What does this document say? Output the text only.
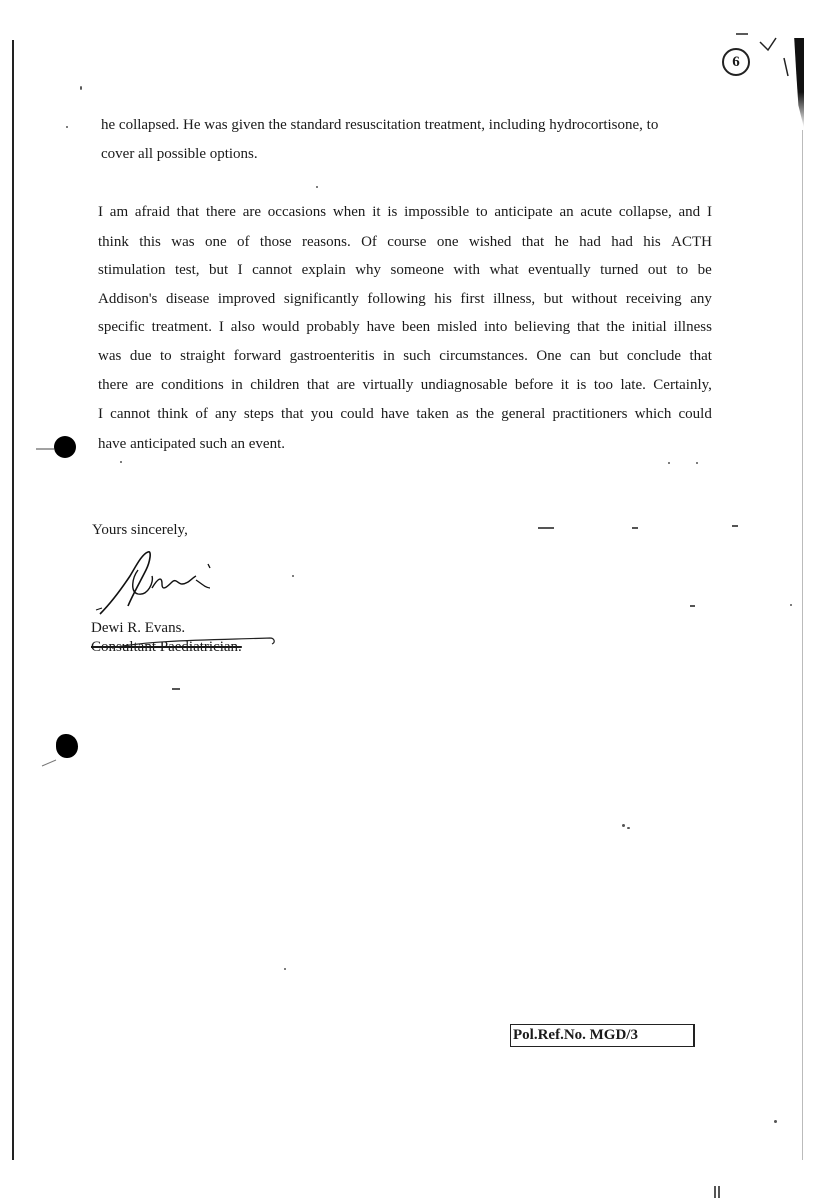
6
he collapsed. He was given the standard resuscitation treatment, including hydrocortisone, to
cover all possible options.
I am afraid that there are occasions when it is impossible to anticipate an acute collapse, and I
think this was one of those reasons. Of course one wished that he had had his ACTH
stimulation test, but I cannot explain why someone with what eventually turned out to be
Addison's disease improved significantly following his first illness, but without receiving any
specific treatment. I also would probably have been misled into believing that the initial illness
was due to straight forward gastroenteritis in such circumstances. One can but conclude that
there are conditions in children that are virtually undiagnosable before it is too late. Certainly,
I cannot think of any steps that you could have taken as the general practitioners which could
have anticipated such an event.
Yours sincerely,
Dewi R. Evans.
Consultant Paediatrician.
Pol.Ref.No. MGD/3
